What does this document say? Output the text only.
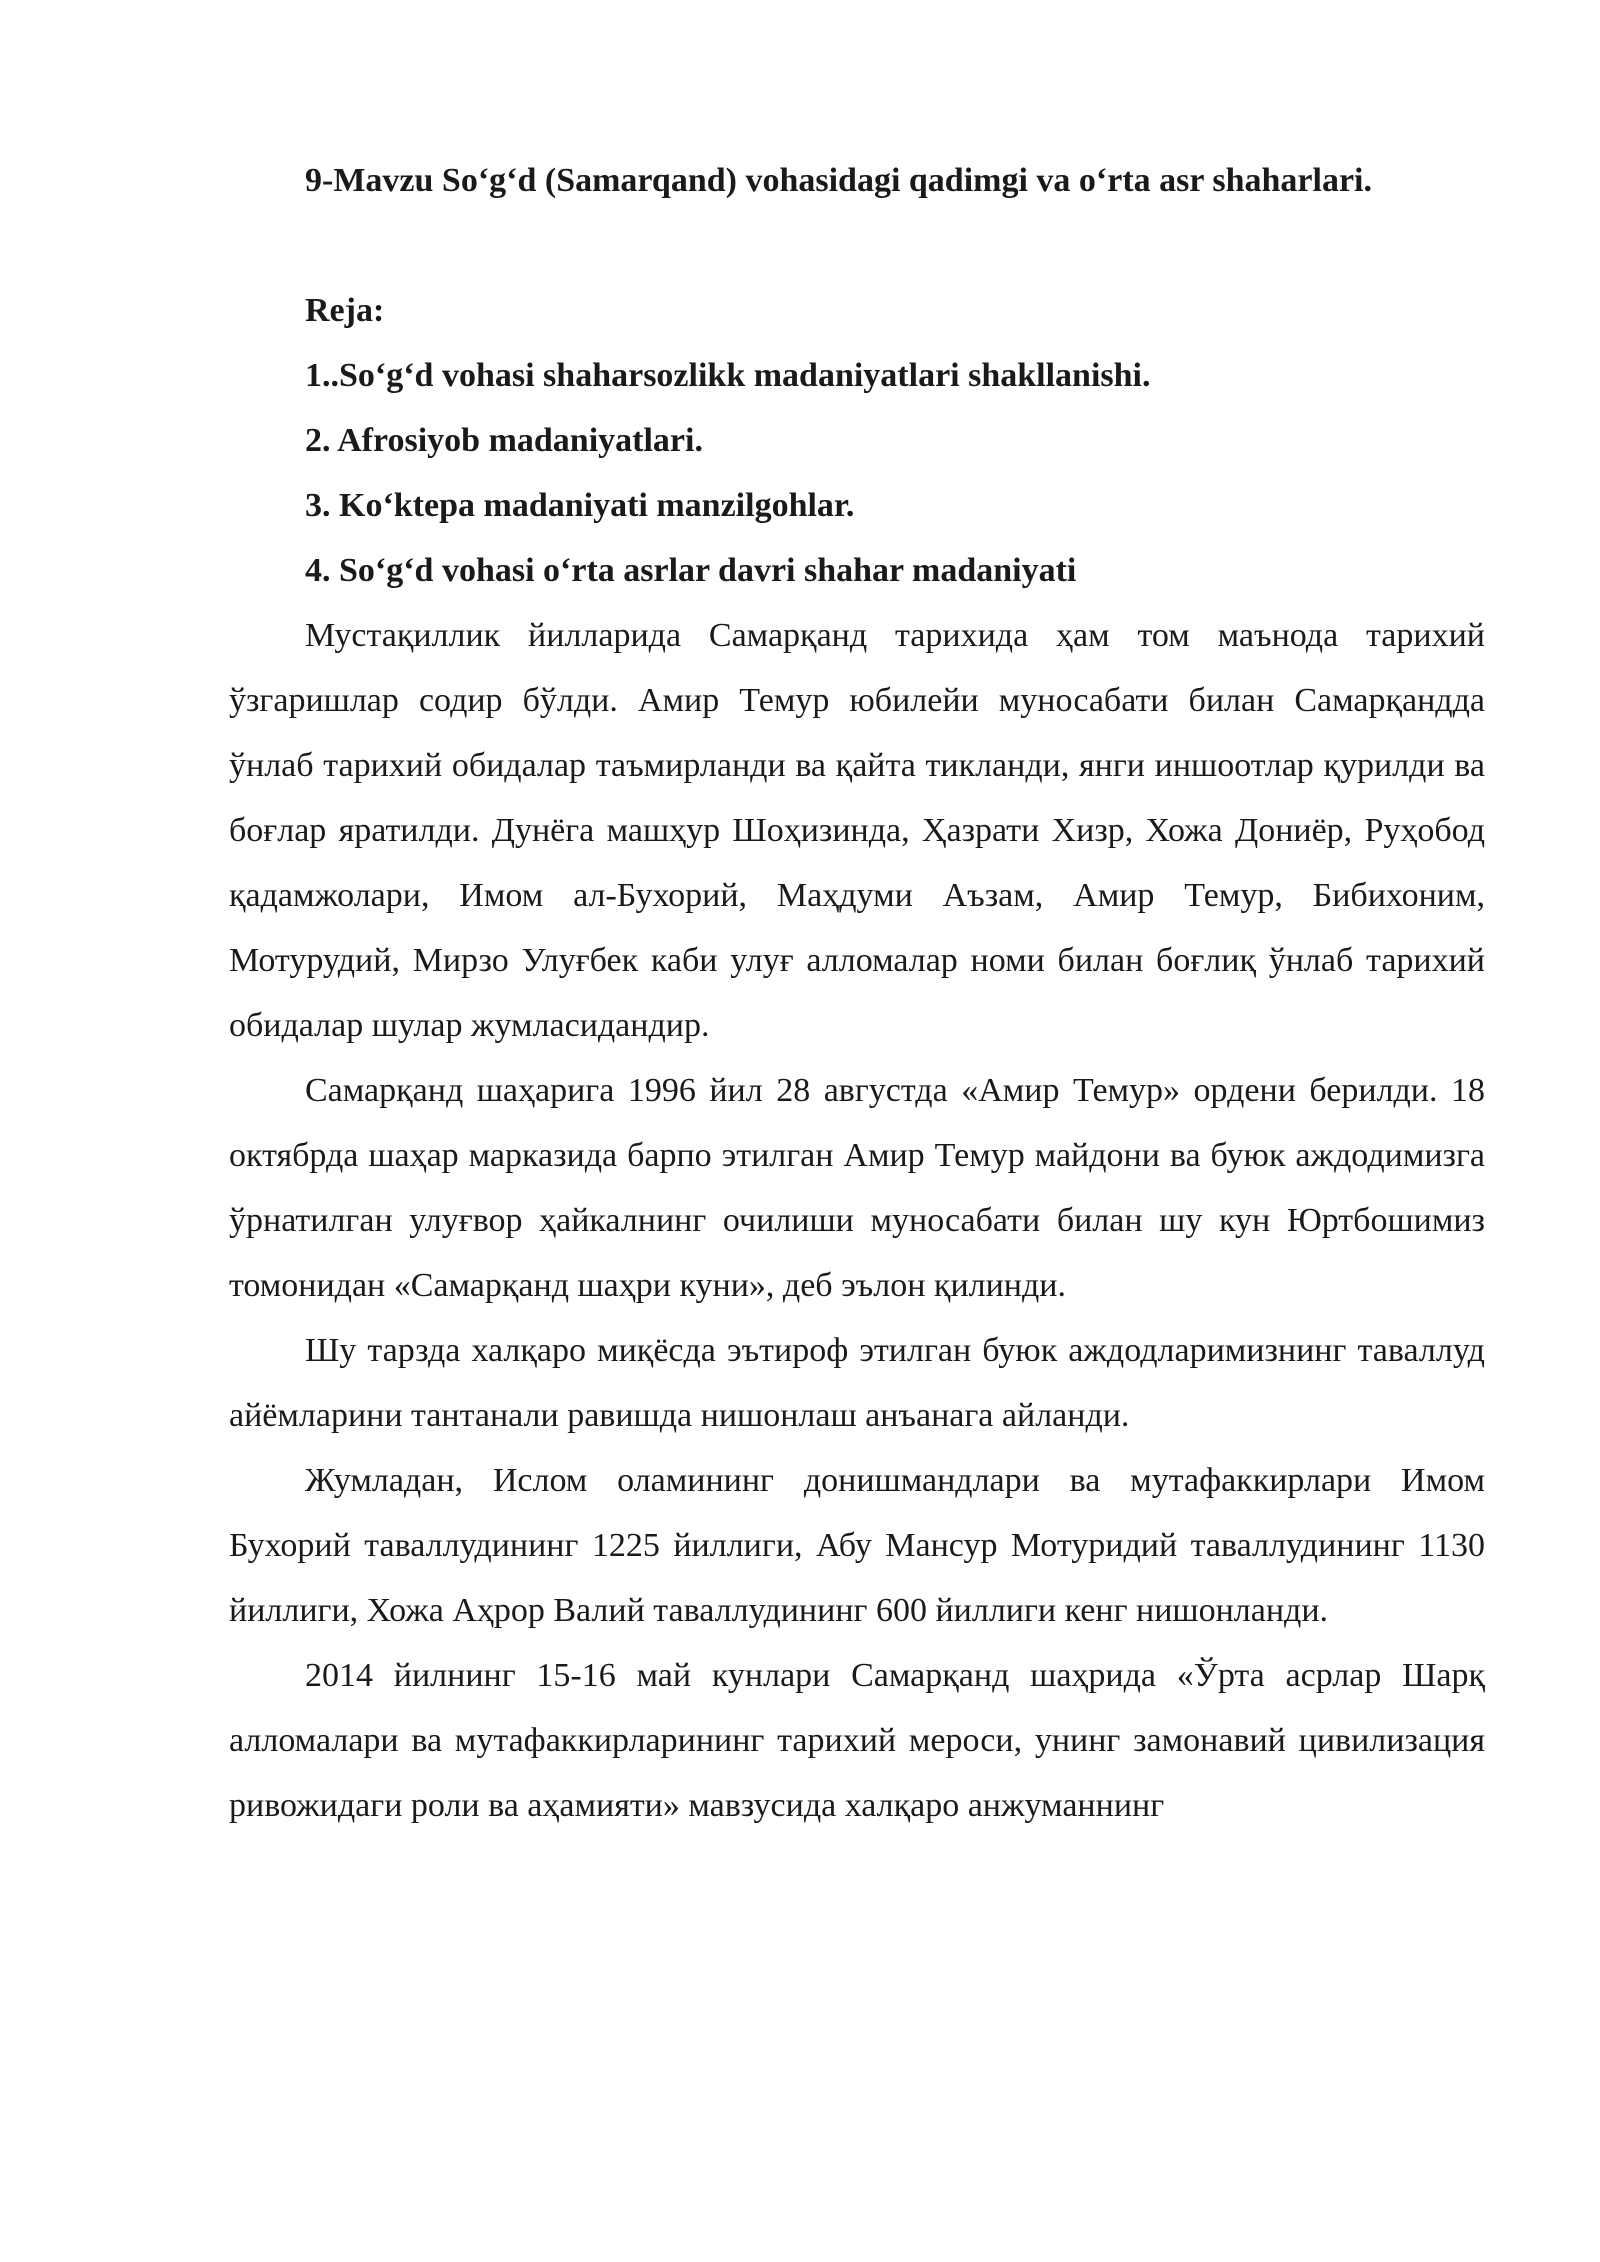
9-Mavzu So‘g‘d (Samarqand) vohasidagi qadimgi va o‘rta asr shaharlari.

Reja:

1..So‘g‘d vohasi shaharsozlikk madaniyatlari shakllanishi.
2. Afrosiyob madaniyatlari.
3. Ko‘ktepa madaniyati manzilgohlar.
4. So‘g‘d vohasi o‘rta asrlar davri shahar madaniyati

Мустақиллик йилларида Самарқанд тарихида ҳам том маънода тарихий ўзгаришлар содир бўлди. Амир Темур юбилейи муносабати билан Самарқандда ўнлаб тарихий обидалар таъмирланди ва қайта тикланди, янги иншоотлар қурилди ва боғлар яратилди. Дунёга машҳур Шоҳизинда, Ҳазрати Хизр, Хожа Дониёр, Руҳобод қадамжолари, Имом ал-Бухорий, Маҳдуми Аъзам, Амир Темур, Бибихоним, Мотурудий, Мирзо Улуғбек каби улуғ алломалар номи билан боғлиқ ўнлаб тарихий обидалар шулар жумласидандир.

Самарқанд шаҳарига 1996 йил 28 августда «Амир Темур» ордени берилди. 18 октябрда шаҳар марказида барпо этилган Амир Темур майдони ва буюк аждодимизга ўрнатилган улуғвор ҳайкалнинг очилиши муносабати билан шу кун Юртбошимиз томонидан «Самарқанд шаҳри куни», деб эълон қилинди.

Шу тарзда халқаро миқёсда эътироф этилган буюк аждодларимизнинг таваллуд айёмларини тантанали равишда нишонлаш анъанага айланди.

Жумладан, Ислом оламининг донишмандлари ва мутафаккирлари Имом Бухорий таваллудининг 1225 йиллиги, Абу Мансур Мотуридий таваллудининг 1130 йиллиги, Хожа Аҳрор Валий таваллудининг 600 йиллиги кенг нишонланди.

2014 йилнинг 15-16 май кунлари Самарқанд шаҳрида «Ўрта асрлар Шарқ алломалари ва мутафаккирларининг тарихий мероси, унинг замонавий цивилизация ривожидаги роли ва аҳамияти» мавзусида халқаро анжуманнинг
